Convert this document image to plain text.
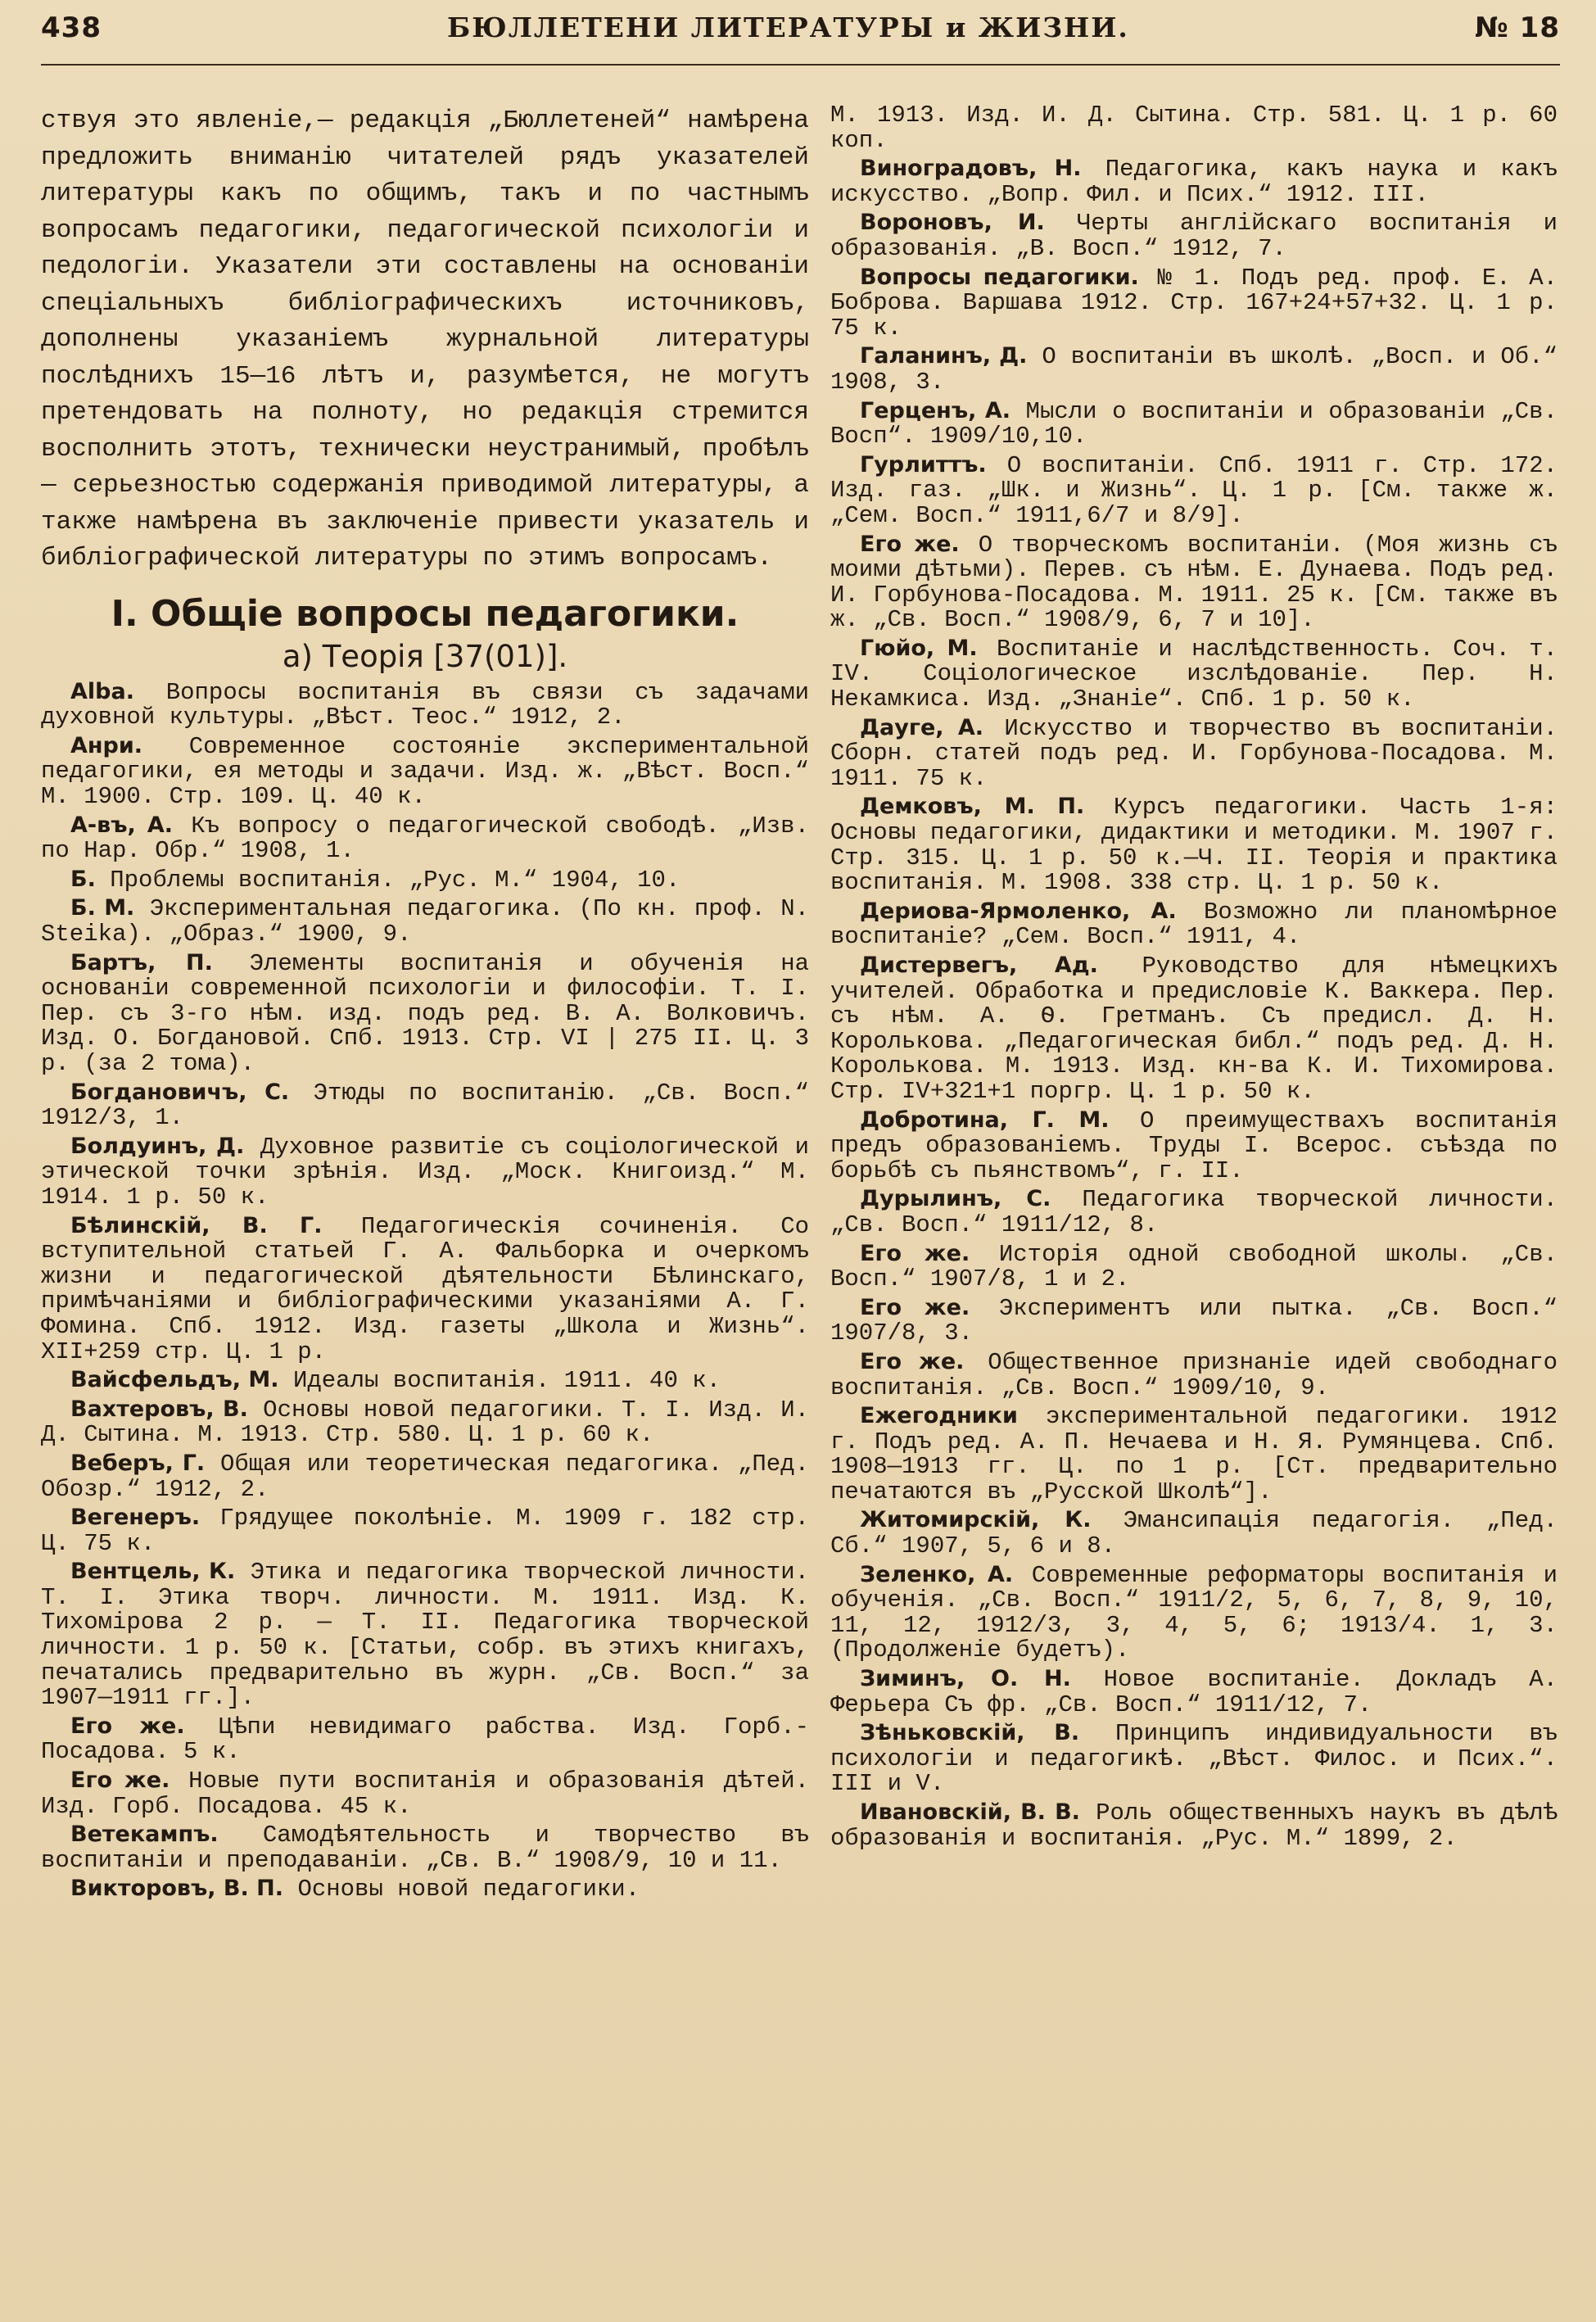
438	БЮЛЛЕТЕНИ ЛИТЕРАТУРЫ и ЖИЗНИ.	№ 18
ствуя это явленіе,— редакція „Бюллетеней“ намѣрена предложить вниманію читателей рядъ указателей литературы какъ по общимъ, такъ и по частнымъ вопросамъ педагогики, педагогической психологіи и педологіи. Указатели эти составлены на основаніи спеціальныхъ библіографическихъ источниковъ, дополнены указаніемъ журнальной литературы послѣднихъ 15—16 лѣтъ и, разумѣется, не могутъ претендовать на полноту, но редакція стремится восполнить этотъ, технически неустранимый, пробѣлъ — серьезностью содержанія приводимой литературы, а также намѣрена въ заключеніе привести указатель и библіографической литературы по этимъ вопросамъ.
I. Общіе вопросы педагогики.
а) Теорія [37(01)].

Alba. Вопросы воспитанія въ связи съ задачами духовной культуры. „Вѣст. Теос.“ 1912, 2.

Анри. Современное состояніе экспериментальной педагогики, ея методы и задачи. Изд. ж. „Вѣст. Восп.“ М. 1900. Стр. 109. Ц. 40 к.

А-въ, А. Къ вопросу о педагогической свободѣ. „Изв. по Нар. Обр.“ 1908, 1.

Б. Проблемы воспитанія. „Рус. М.“ 1904, 10.

Б. М. Экспериментальная педагогика. (По кн. проф. N. Steika). „Образ.“ 1900, 9.

Бартъ, П. Элементы воспитанія и обученія на основаніи современной психологіи и философіи. Т. I. Пер. съ 3-го нѣм. изд. подъ ред. В. А. Волковичъ. Изд. О. Богдановой. Спб. 1913. Стр. VI | 275 II. Ц. 3 р. (за 2 тома).

Богдановичъ, С. Этюды по воспитанію. „Св. Восп.“ 1912/3, 1.

Болдуинъ, Д. Духовное развитіе съ соціологической и этической точки зрѣнія. Изд. „Моск. Книгоизд.“ М. 1914. 1 р. 50 к.

Бѣлинскій, В. Г. Педагогическія сочиненія. Со вступительной статьей Г. А. Фальборка и очеркомъ жизни и педагогической дѣятельности Бѣлинскаго, примѣчаніями и библіографическими указаніями А. Г. Фомина. Спб. 1912. Изд. газеты „Школа и Жизнь“. XII+259 стр. Ц. 1 р.

Вайсфельдъ, М. Идеалы воспитанія. 1911. 40 к.

Вахтеровъ, В. Основы новой педагогики. Т. I. Изд. И. Д. Сытина. М. 1913. Стр. 580. Ц. 1 р. 60 к.

Веберъ, Г. Общая или теоретическая педагогика. „Пед. Обозр.“ 1912, 2.

Вегенеръ. Грядущее поколѣніе. М. 1909 г. 182 стр. Ц. 75 к.

Вентцель, К. Этика и педагогика творческой личности. Т. I. Этика творч. личности. М. 1911. Изд. К. Тихомірова 2 р. — Т. II. Педагогика творческой личности. 1 р. 50 к. [Статьи, собр. въ этихъ книгахъ, печатались предварительно въ журн. „Св. Восп.“ за 1907—1911 гг.].

Его же. Цѣпи невидимаго рабства. Изд. Горб.-Посадова. 5 к.

Его же. Новые пути воспитанія и образованія дѣтей. Изд. Горб. Посадова. 45 к.

Ветекампъ. Самодѣятельность и творчество въ воспитаніи и преподаваніи. „Св. В.“ 1908/9, 10 и 11.

Викторовъ, В. П. Основы новой педагогики.

М. 1913. Изд. И. Д. Сытина. Стр. 581. Ц. 1 р. 60 коп.

Виноградовъ, Н. Педагогика, какъ наука и какъ искусство. „Вопр. Фил. и Псих.“ 1912. III.

Вороновъ, И. Черты англійскаго воспитанія и образованія. „В. Восп.“ 1912, 7.

Вопросы педагогики. № 1. Подъ ред. проф. Е. А. Боброва. Варшава 1912. Стр. 167+24+57+32. Ц. 1 р. 75 к.

Галанинъ, Д. О воспитаніи въ школѣ. „Восп. и Об.“ 1908, 3.

Герценъ, А. Мысли о воспитаніи и образованіи „Св. Восп“. 1909/10,10.

Гурлиттъ. О воспитаніи. Спб. 1911 г. Стр. 172. Изд. газ. „Шк. и Жизнь“. Ц. 1 р. [См. также ж. „Сем. Восп.“ 1911,6/7 и 8/9].

Его же. О творческомъ воспитаніи. (Моя жизнь съ моими дѣтьми). Перев. съ нѣм. Е. Дунаева. Подъ ред. И. Горбунова-Посадова. М. 1911. 25 к. [См. также въ ж. „Св. Восп.“ 1908/9, 6, 7 и 10].

Гюйо, М. Воспитаніе и наслѣдственность. Соч. т. IV. Соціологическое изслѣдованіе. Пер. Н. Некамкиса. Изд. „Знаніе“. Спб. 1 р. 50 к.

Дауге, А. Искусство и творчество въ воспитаніи. Сборн. статей подъ ред. И. Горбунова-Посадова. М. 1911. 75 к.

Демковъ, М. П. Курсъ педагогики. Часть 1-я: Основы педагогики, дидактики и методики. М. 1907 г. Стр. 315. Ц. 1 р. 50 к.—Ч. II. Теорія и практика воспитанія. М. 1908. 338 стр. Ц. 1 р. 50 к.

Дериова-Ярмоленко, А. Возможно ли планомѣрное воспитаніе? „Сем. Восп.“ 1911, 4.

Дистервегъ, Ад. Руководство для нѣмецкихъ учителей. Обработка и предисловіе К. Ваккера. Пер. съ нѣм. А. Ѳ. Гретманъ. Съ предисл. Д. Н. Королькова. „Педагогическая библ.“ подъ ред. Д. Н. Королькова. М. 1913. Изд. кн-ва К. И. Тихомирова. Стр. IV+321+1 поргр. Ц. 1 р. 50 к.

Добротина, Г. М. О преимуществахъ воспитанія предъ образованіемъ. Труды I. Всерос. съѣзда по борьбѣ съ пьянствомъ“, г. II.

Дурылинъ, С. Педагогика творческой личности. „Св. Восп.“ 1911/12, 8.

Его же. Исторія одной свободной школы. „Св. Восп.“ 1907/8, 1 и 2.

Его же. Экспериментъ или пытка. „Св. Восп.“ 1907/8, 3.

Его же. Общественное признаніе идей свободнаго воспитанія. „Св. Восп.“ 1909/10, 9.

Ежегодники экспериментальной педагогики. 1912 г. Подъ ред. А. П. Нечаева и Н. Я. Румянцева. Спб. 1908—1913 гг. Ц. по 1 р. [Ст. предварительно печатаются въ „Русской Школѣ“].

Житомирскій, К. Эмансипація педагогія. „Пед. Сб.“ 1907, 5, 6 и 8.

Зеленко, А. Современные реформаторы воспитанія и обученія. „Св. Восп.“ 1911/2, 5, 6, 7, 8, 9, 10, 11, 12, 1912/3, 3, 4, 5, 6; 1913/4. 1, 3. (Продолженіе будетъ).

Зиминъ, О. Н. Новое воспитаніе. Докладъ А. Ферьера Съ фр. „Св. Восп.“ 1911/12, 7.

Зѣньковскій, В. Принципъ индивидуальности въ психологіи и педагогикѣ. „Вѣст. Филос. и Псих.“. III и V.

Ивановскій, В. В. Роль общественныхъ наукъ въ дѣлѣ образованія и воспитанія. „Рус. М.“ 1899, 2.
